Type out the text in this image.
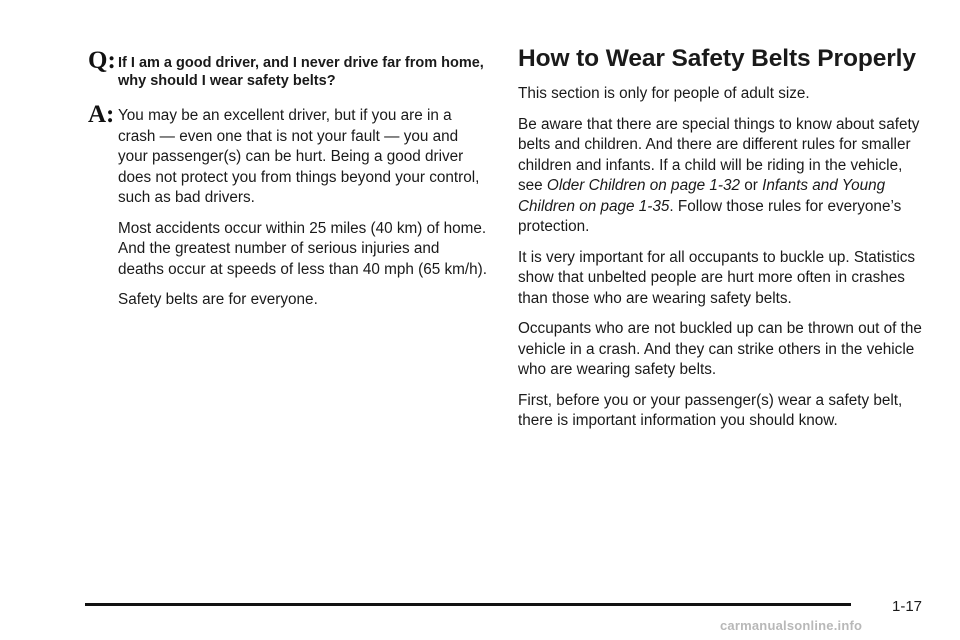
Q: If I am a good driver, and I never drive far from home, why should I wear safety belts?

A: You may be an excellent driver, but if you are in a crash — even one that is not your fault — you and your passenger(s) can be hurt. Being a good driver does not protect you from things beyond your control, such as bad drivers.

Most accidents occur within 25 miles (40 km) of home. And the greatest number of serious injuries and deaths occur at speeds of less than 40 mph (65 km/h).

Safety belts are for everyone.

How to Wear Safety Belts Properly

This section is only for people of adult size.

Be aware that there are special things to know about safety belts and children. And there are different rules for smaller children and infants. If a child will be riding in the vehicle, see Older Children on page 1-32 or Infants and Young Children on page 1-35. Follow those rules for everyone’s protection.

It is very important for all occupants to buckle up. Statistics show that unbelted people are hurt more often in crashes than those who are wearing safety belts.

Occupants who are not buckled up can be thrown out of the vehicle in a crash. And they can strike others in the vehicle who are wearing safety belts.

First, before you or your passenger(s) wear a safety belt, there is important information you should know.

1-17
carmanualsonline.info
